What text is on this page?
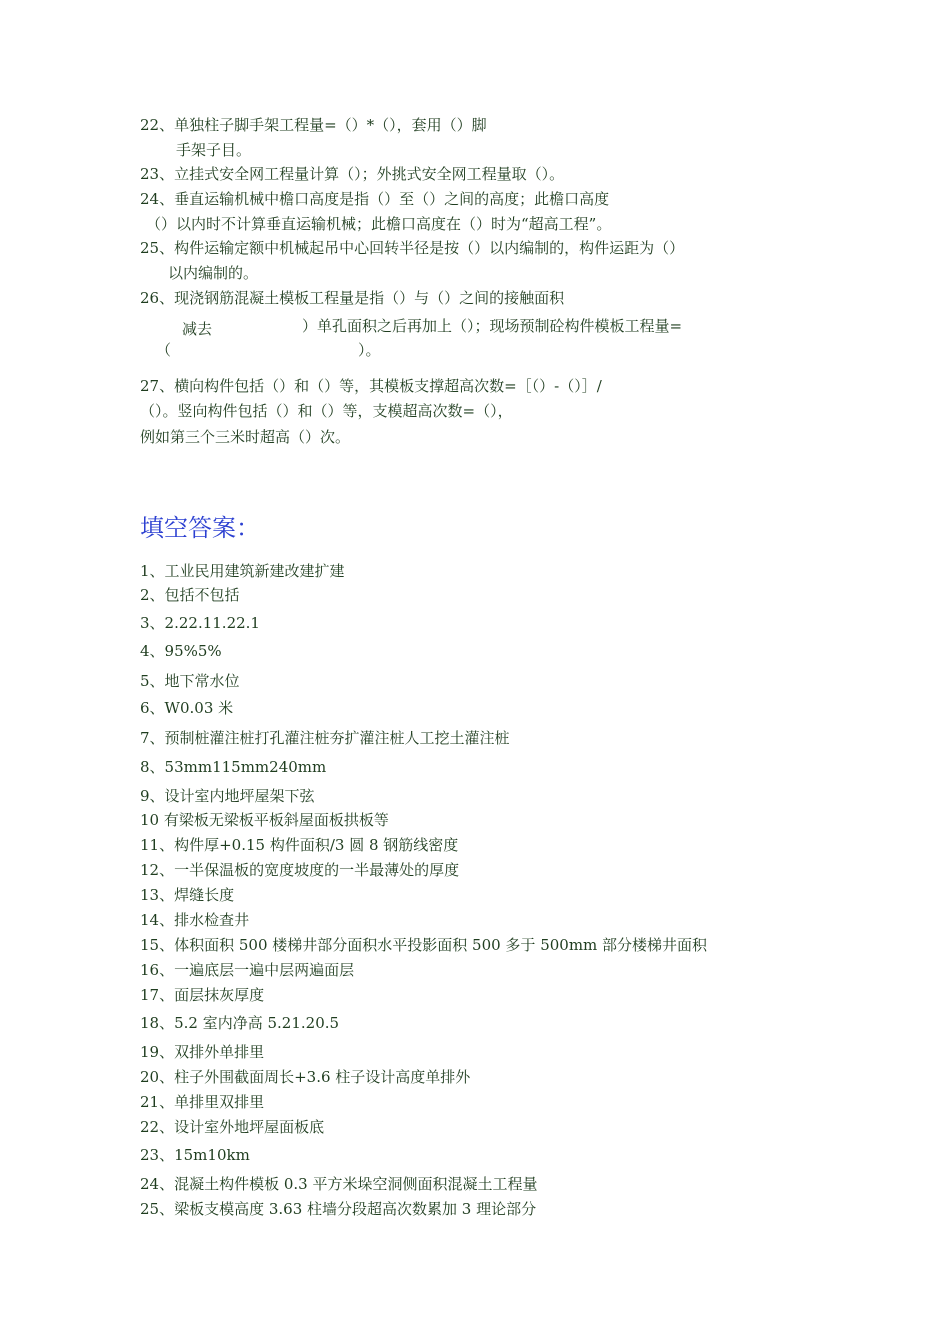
22、单独柱子脚手架工程量=（）*（），套用（）脚
手架子目。
23、立挂式安全网工程量计算（）；外挑式安全网工程量取（）。
24、垂直运输机械中檐口高度是指（）至（）之间的高度；此檐口高度
（）以内时不计算垂直运输机械；此檐口高度在（）时为“超高工程”。
25、构件运输定额中机械起吊中心回转半径是按（）以内编制的，构件运距为（）
以内编制的。
26、现浇钢筋混凝土模板工程量是指（）与（）之间的接触面积
减去	）单孔面积之后再加上（）；现场预制砼构件模板工程量=
（	）。
27、横向构件包括（）和（）等，其模板支撑超高次数=［（）-（）］/
（）。竖向构件包括（）和（）等，支模超高次数=（），
例如第三个三米时超高（）次。
填空答案：
1、工业民用建筑新建改建扩建
2、包括不包括
3、2.22.11.22.1
4、95%5%
5、地下常水位
6、W0.03 米
7、预制桩灌注桩打孔灌注桩夯扩灌注桩人工挖土灌注桩
8、53mm115mm240mm
9、设计室内地坪屋架下弦
10 有梁板无梁板平板斜屋面板拱板等
11、构件厚+0.15 构件面积/3 圆 8 钢筋线密度
12、一半保温板的宽度坡度的一半最薄处的厚度
13、焊缝长度
14、排水检查井
15、体积面积 500 楼梯井部分面积水平投影面积 500 多于 500mm 部分楼梯井面积
16、一遍底层一遍中层两遍面层
17、面层抹灰厚度
18、5.2 室内净高 5.21.20.5
19、双排外单排里
20、柱子外围截面周长+3.6 柱子设计高度单排外
21、单排里双排里
22、设计室外地坪屋面板底
23、15m10km
24、混凝土构件模板 0.3 平方米垛空洞侧面积混凝土工程量
25、梁板支模高度 3.63 柱墙分段超高次数累加 3 理论部分
